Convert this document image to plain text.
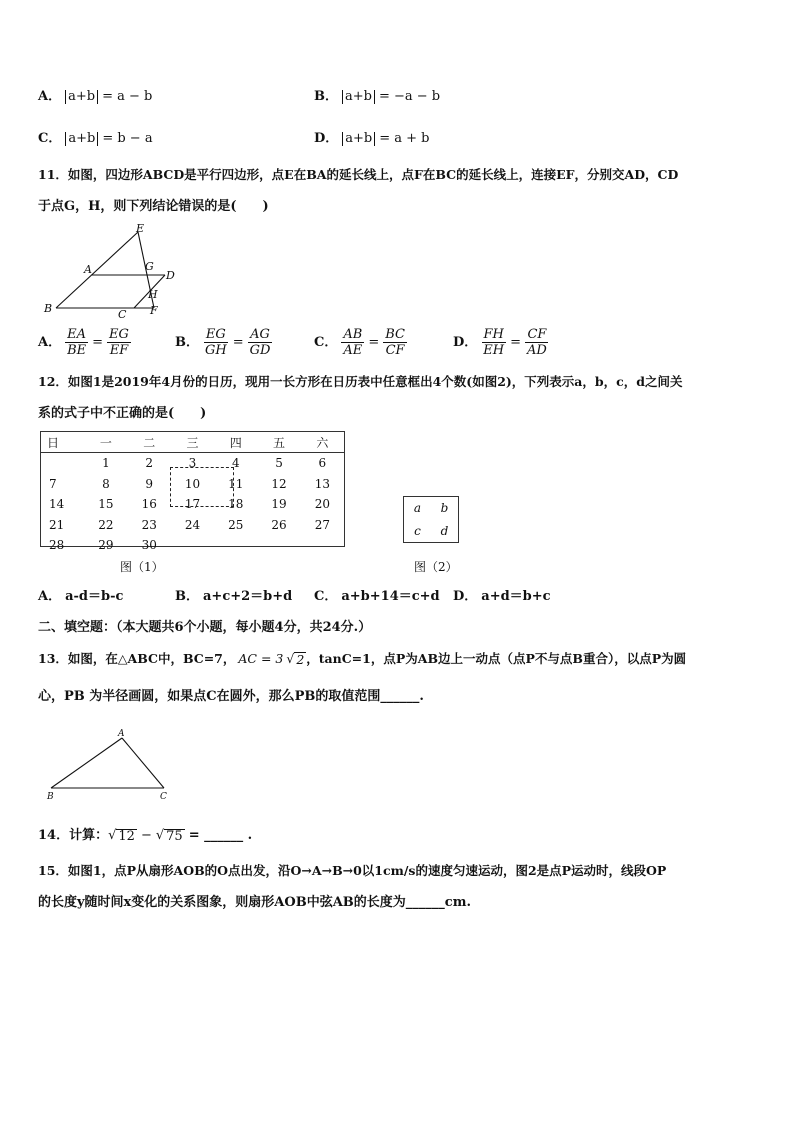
A． a+b = a − b	B． a+b = −a − b
C． a+b = b − a	D． a+b = a + b
11．如图，四边形ABCD是平行四边形，点E在BA的延长线上，点F在BC的延长线上，连接EF，分别交AD，CD
于点G，H，则下列结论错误的是(　　)
E
A	G
D
B
H
C F
A． $\frac{EA}{BE} = \frac{EG}{EF}$	B． $\frac{EG}{GH} = \frac{AG}{GD}$	C． $\frac{AB}{AE} = \frac{BC}{CF}$	D． $\frac{FH}{EH} = \frac{CF}{AD}$
12．如图1是2019年4月份的日历，现用一长方形在日历表中任意框出4个数(如图2)，下列表示a，b，c，d之间关
系的式子中不正确的是(　　)
日	一	二	三	四	五	六
	1	2	3	4	5	6
7	8	9	10	11	12	13
14	15	16	17	18	19	20
21	22	23	24	25	26	27
28	29	30				
图（1）
a	b
c	d
图（2）
A． a-d＝b-c	B． a+c+2＝b+d C． a+b+14＝c+d D． a+d＝b+c
二、填空题：（本大题共6个小题，每小题4分，共24分.）
13．如图，在△ABC中，BC=7， AC = 3 √ 2 ，tanC=1，点P为AB边上一动点（点P不与点B重合），以点P为圆
心，PB 为半径画圆，如果点C在圆外，那么PB的取值范围______.
A
B	C
14．计算： √ 12 − √ 75 = ______ .
15．如图1，点P从扇形AOB的O点出发，沿O→A→B→0以1cm/s的速度匀速运动，图2是点P运动时，线段OP
的长度y随时间x变化的关系图象，则扇形AOB中弦AB的长度为______cm.
